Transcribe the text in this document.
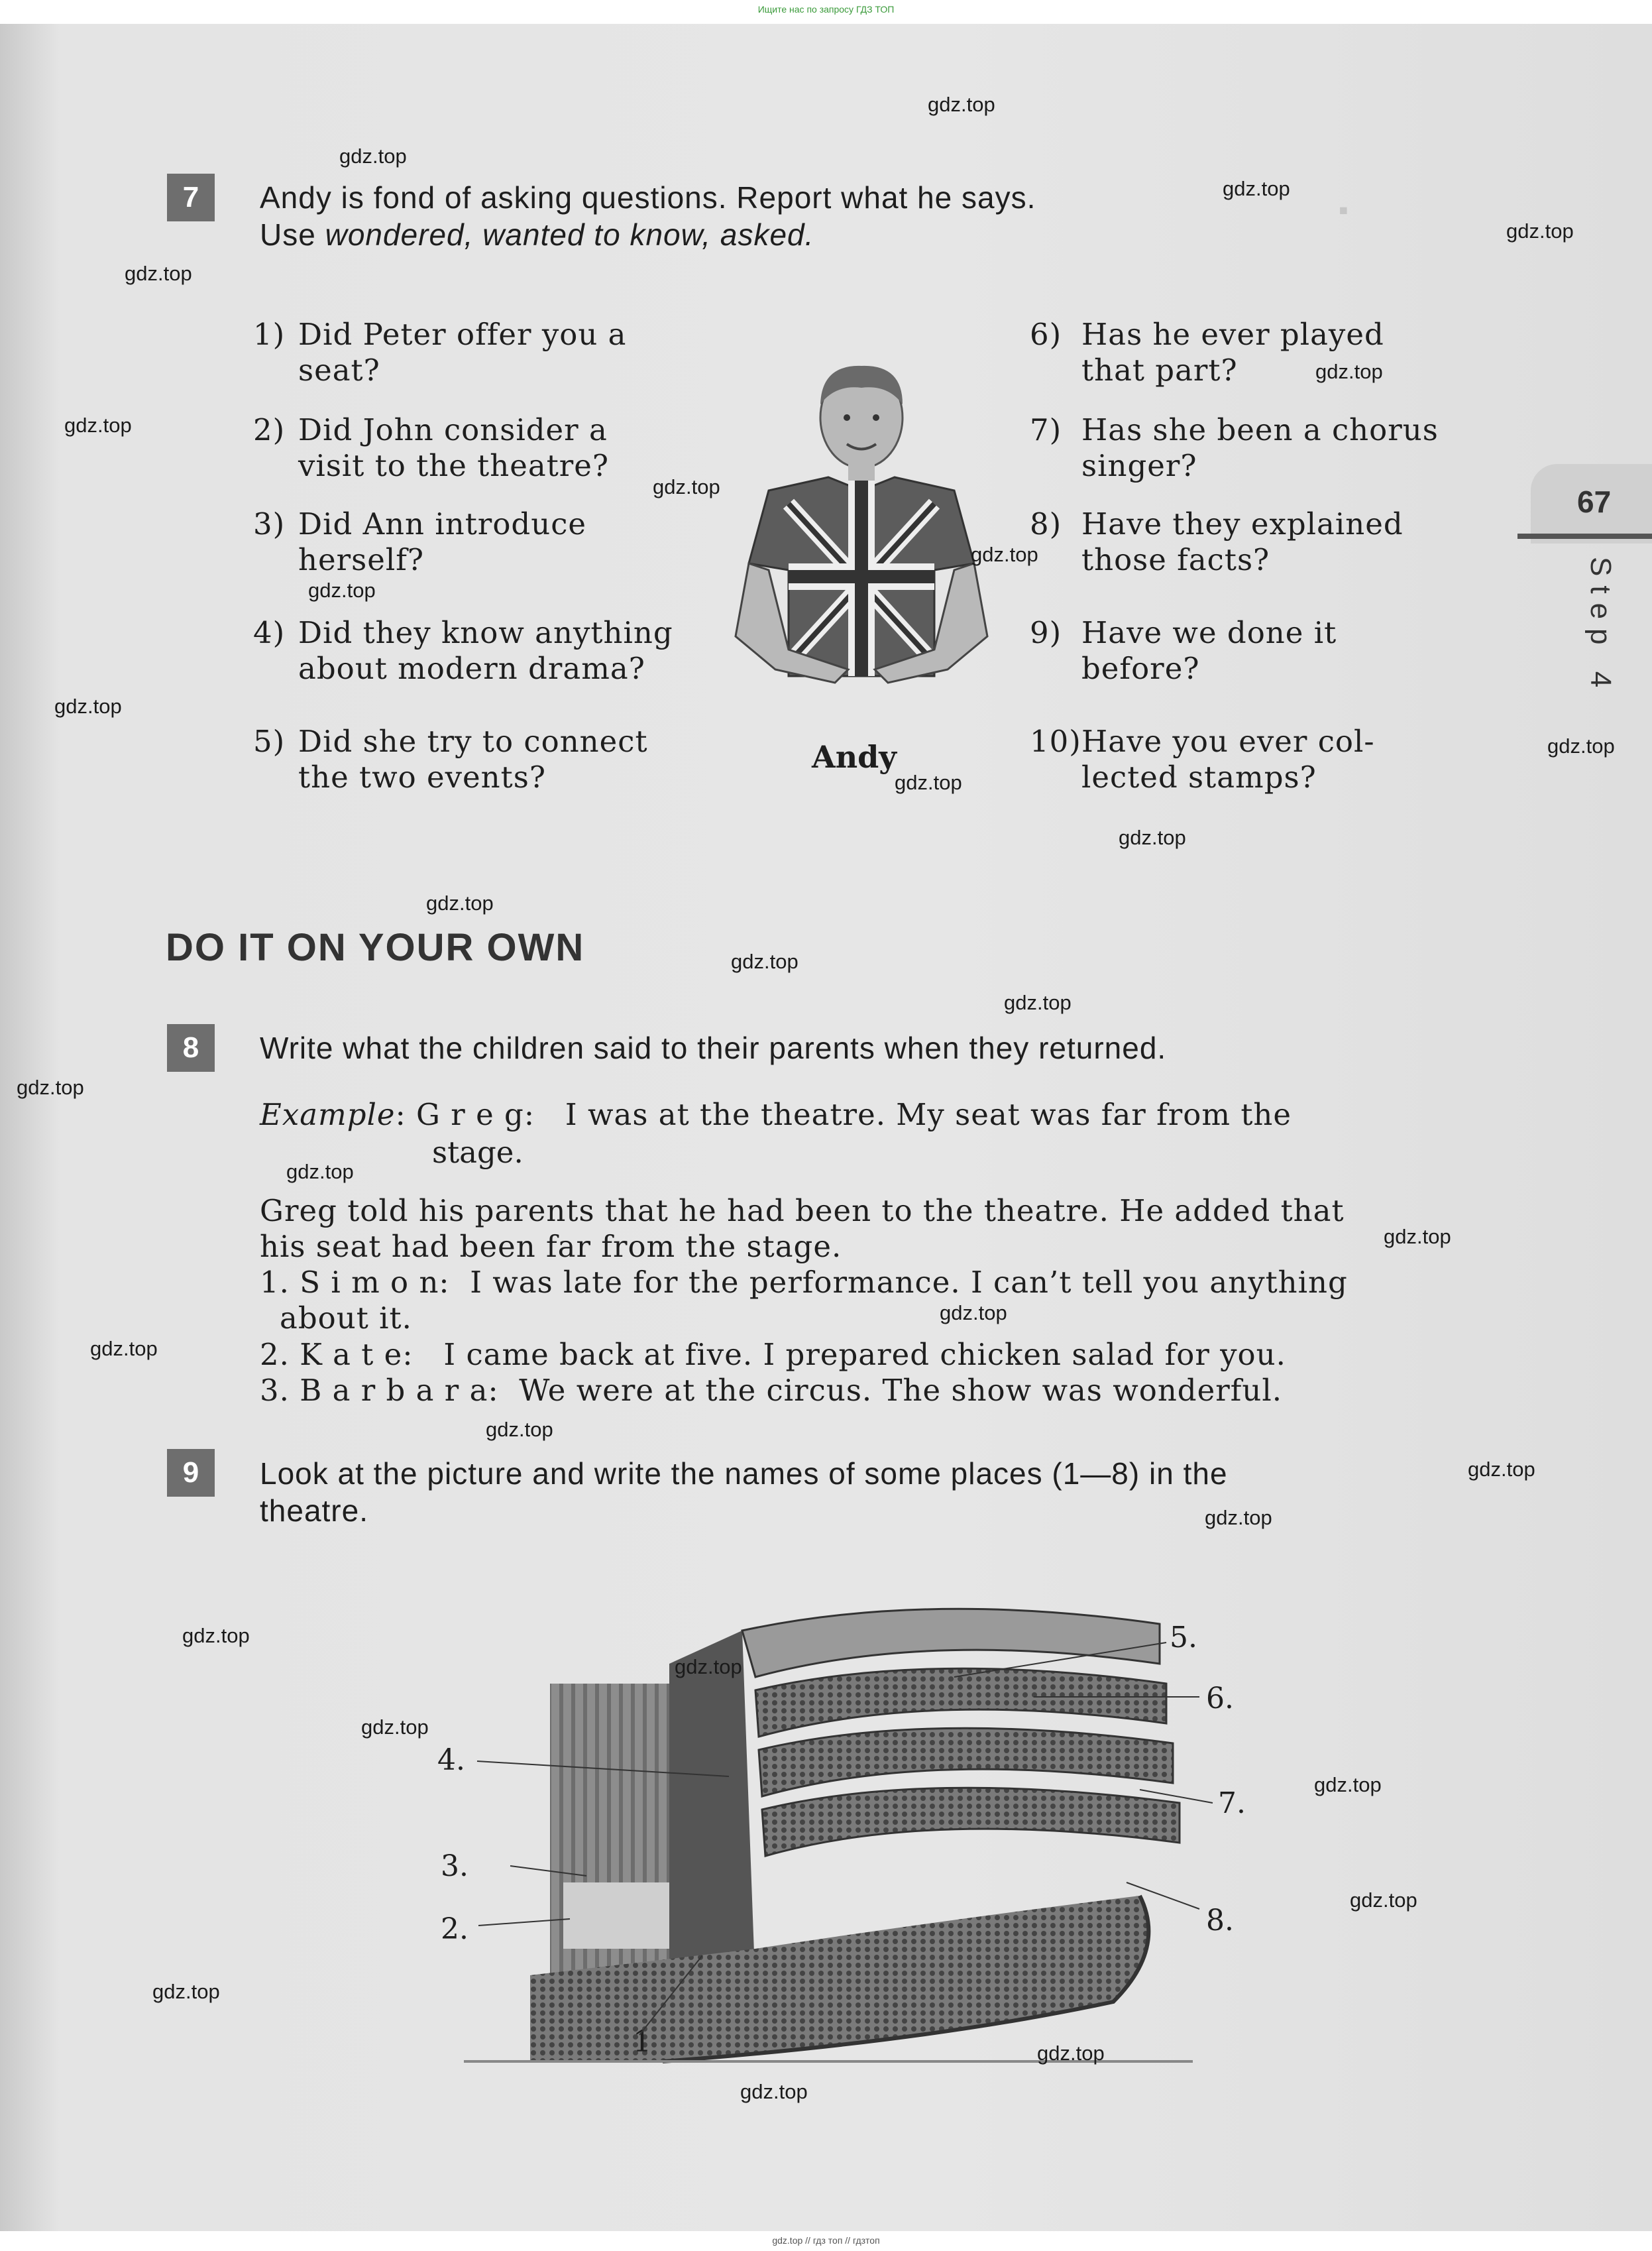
Ищите нас по запросу ГДЗ ТОП
▪
67
Step 4
7	Andy is fond of asking questions. Report what he says.
Use wondered, wanted to know, asked.
1) Did Peter offer you a
seat?
2) Did John consider a
visit to the theatre?
3) Did Ann introduce
herself?
4) Did they know anything
about modern drama?
5) Did she try to connect
the two events?
6) Has he ever played
that part?
7) Has she been a chorus
singer?
8) Have they explained
those facts?
9) Have we done it
before?
10)Have you ever col-
lected stamps?
Andy
DO IT ON YOUR OWN
8	Write what the children said to their parents when they returned.
Example: G r e g:   I was at the theatre. My seat was far from the
stage.
Greg told his parents that he had been to the theatre. He added that
his seat had been far from the stage.
1. S i m o n:  I was late for the performance. I can’t tell you anything
about it.
2. K a t e:   I came back at five. I prepared chicken salad for you.
3. B a r b a r a:  We were at the circus. The show was wonderful.
9	Look at the picture and write the names of some places (1—8) in the
theatre.
1
2.
3.
4.
5.
6.
7.
8.
gdz.top
gdz.top
gdz.top
gdz.top
gdz.top
gdz.top
gdz.top
gdz.top
gdz.top
gdz.top
gdz.top
gdz.top
gdz.top
gdz.top
gdz.top
gdz.top
gdz.top
gdz.top
gdz.top
gdz.top
gdz.top
gdz.top
gdz.top
gdz.top
gdz.top
gdz.top
gdz.top
gdz.top
gdz.top
gdz.top
gdz.top
gdz.top
gdz.top
gdz.top // гдз топ // гдзтоп
